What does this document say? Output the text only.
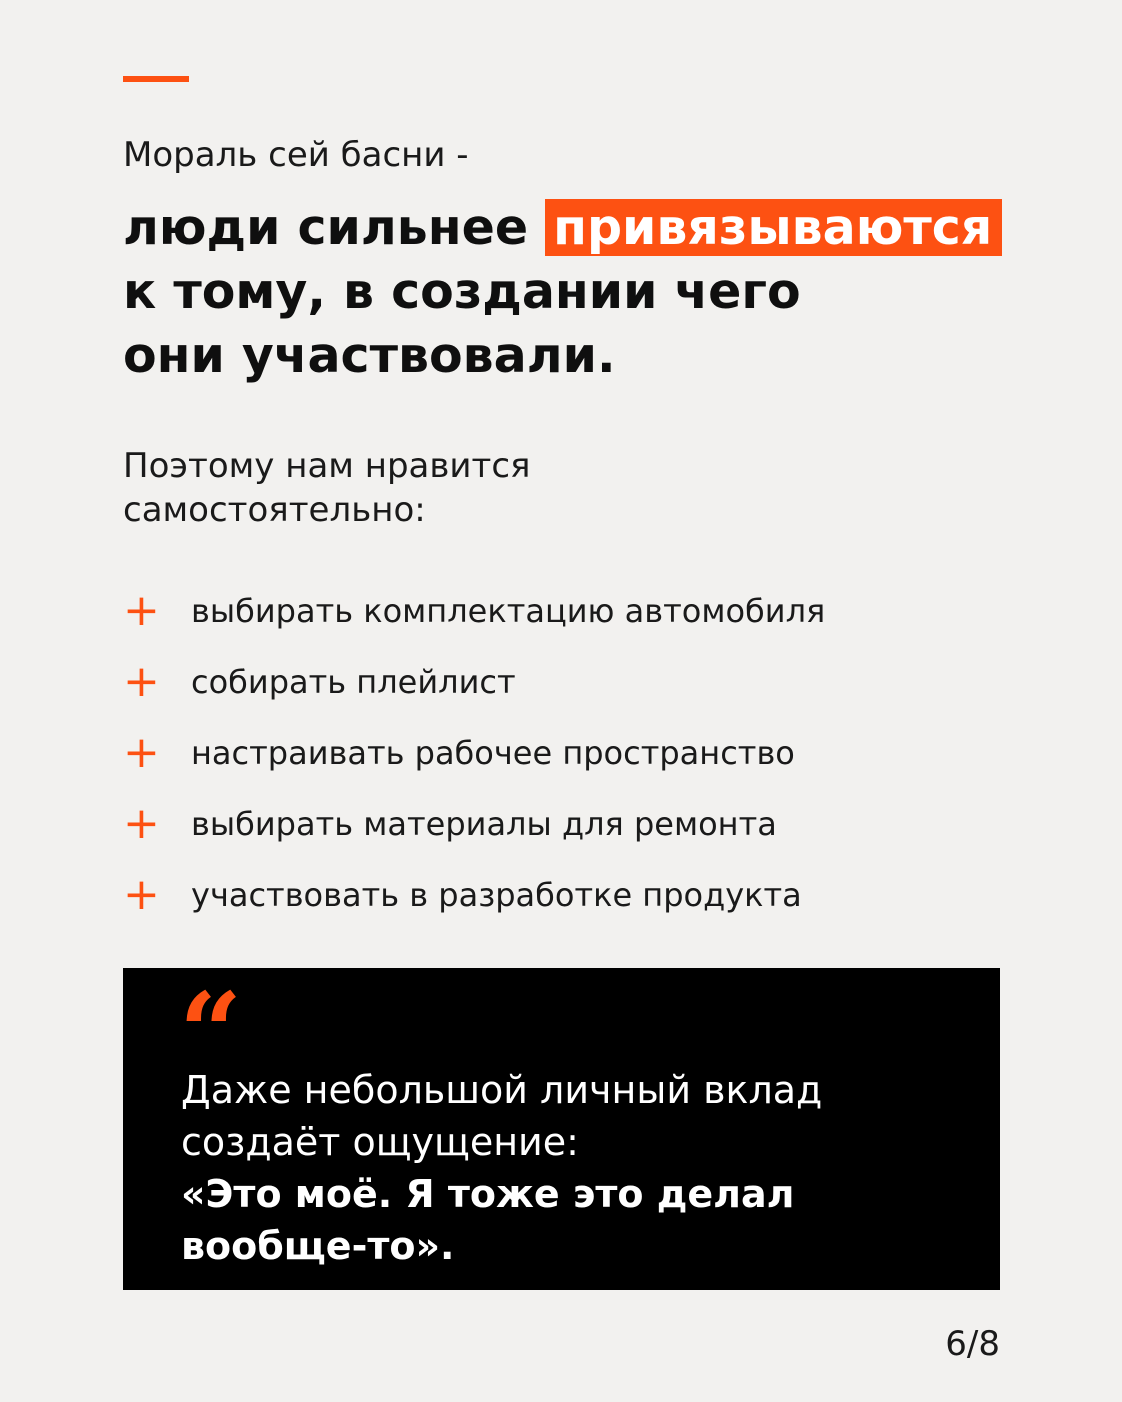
Мораль сей басни -
люди сильнее привязываются
к тому, в создании чего
они участвовали.
Поэтому нам нравится
самостоятельно:
+ выбирать комплектацию автомобиля
+ собирать плейлист
+ настраивать рабочее пространство
+ выбирать материалы для ремонта
+ участвовать в разработке продукта
“
Даже небольшой личный вклад
создаёт ощущение:
«Это моё. Я тоже это делал
вообще-то».
6/8
